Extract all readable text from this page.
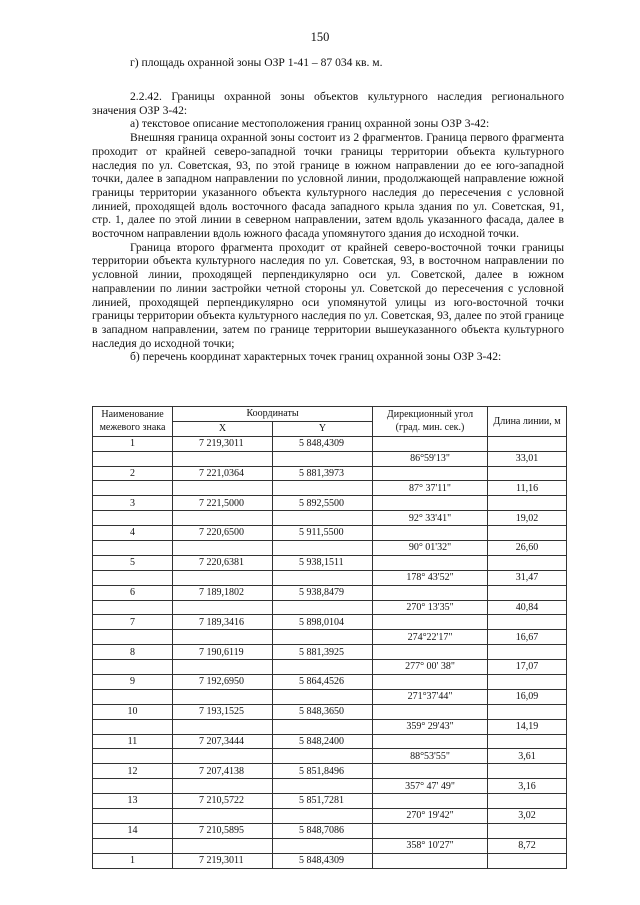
150

г) площадь охранной зоны ОЗР 1-41 – 87 034 кв. м.

2.2.42. Границы охранной зоны объектов культурного наследия регионального значения ОЗР 3-42:

а) текстовое описание местоположения границ охранной зоны ОЗР 3-42:

Внешняя граница охранной зоны состоит из 2 фрагментов. Граница первого фрагмента проходит от крайней северо-западной точки границы территории объекта культурного наследия по ул. Советская, 93, по этой границе в южном направлении до ее юго-западной точки, далее в западном направлении по условной линии, продолжающей направление южной границы территории указанного объекта культурного наследия до пересечения с условной линией, проходящей вдоль восточного фасада западного крыла здания по ул. Советская, 91, стр. 1, далее по этой линии в северном направлении, затем вдоль указанного фасада, далее в восточном направлении вдоль южного фасада упомянутого здания до исходной точки.

Граница второго фрагмента проходит от крайней северо-восточной точки границы территории объекта культурного наследия по ул. Советская, 93, в восточном направлении по условной линии, проходящей перпендикулярно оси ул. Советской, далее в южном направлении по линии застройки четной стороны ул. Советской до пересечения с условной линией, проходящей перпендикулярно оси упомянутой улицы из юго-восточной точки границы территории объекта культурного наследия по ул. Советская, 93, далее по этой границе в западном направлении, затем по границе территории вышеуказанного объекта культурного наследия до исходной точки;

б) перечень координат характерных точек границ охранной зоны ОЗР 3-42:

Наименование межевого знака	Координаты		Дирекционный угол (град. мин. сек.)	Длина линии, м
	X	Y		
1	7 219,3011	5 848,4309		
			86°59'13"	33,01
2	7 221,0364	5 881,3973		
			87° 37'11"	11,16
3	7 221,5000	5 892,5500		
			92° 33'41"	19,02
4	7 220,6500	5 911,5500		
			90° 01'32"	26,60
5	7 220,6381	5 938,1511		
			178° 43'52"	31,47
6	7 189,1802	5 938,8479		
			270° 13'35"	40,84
7	7 189,3416	5 898,0104		
			274°22'17"	16,67
8	7 190,6119	5 881,3925		
			277° 00' 38"	17,07
9	7 192,6950	5 864,4526		
			271°37'44"	16,09
10	7 193,1525	5 848,3650		
			359° 29'43"	14,19
11	7 207,3444	5 848,2400		
			88°53'55"	3,61
12	7 207,4138	5 851,8496		
			357° 47' 49"	3,16
13	7 210,5722	5 851,7281		
			270° 19'42"	3,02
14	7 210,5895	5 848,7086		
			358° 10'27"	8,72
1	7 219,3011	5 848,4309		
